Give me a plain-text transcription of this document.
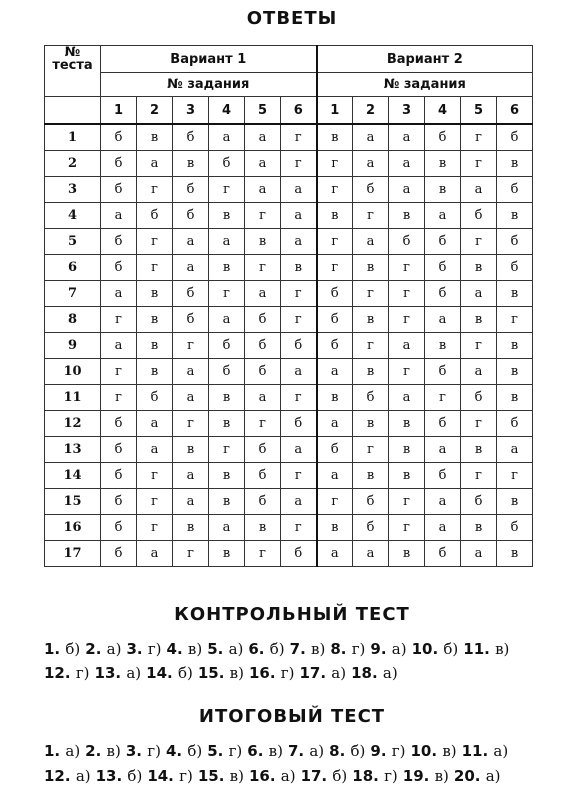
ОТВЕТЫ
№
теста	Вариант 1						Вариант 2					
	№ задания						№ задания					
	1	2	3	4	5	6	1	2	3	4	5	6
1	б	в	б	а	а	г	в	а	а	б	г	б
2	б	а	в	б	а	г	г	а	а	в	г	в
3	б	г	б	г	а	а	г	б	а	в	а	б
4	а	б	б	в	г	а	в	г	в	а	б	в
5	б	г	а	а	в	а	г	а	б	б	г	б
6	б	г	а	в	г	в	г	в	г	б	в	б
7	а	в	б	г	а	г	б	г	г	б	а	в
8	г	в	б	а	б	г	б	в	г	а	в	г
9	а	в	г	б	б	б	б	г	а	в	г	в
10	г	в	а	б	б	а	а	в	г	б	а	в
11	г	б	а	в	а	г	в	б	а	г	б	в
12	б	а	г	в	г	б	а	в	в	б	г	б
13	б	а	в	г	б	а	б	г	в	а	в	а
14	б	г	а	в	б	г	а	в	в	б	г	г
15	б	г	а	в	б	а	г	б	г	а	б	в
16	б	г	в	а	в	г	в	б	г	а	в	б
17	б	а	г	в	г	б	а	а	в	б	а	в
КОНТРОЛЬНЫЙ ТЕСТ
1. б) 2. а) 3. г) 4. в) 5. а) 6. б) 7. в) 8. г) 9. а) 10. б) 11. в)
12. г) 13. а) 14. б) 15. в) 16. г) 17. а) 18. а)
ИТОГОВЫЙ ТЕСТ
1. а) 2. в) 3. г) 4. б) 5. г) 6. в) 7. а) 8. б) 9. г) 10. в) 11. а)
12. а) 13. б) 14. г) 15. в) 16. а) 17. б) 18. г) 19. в) 20. а)
